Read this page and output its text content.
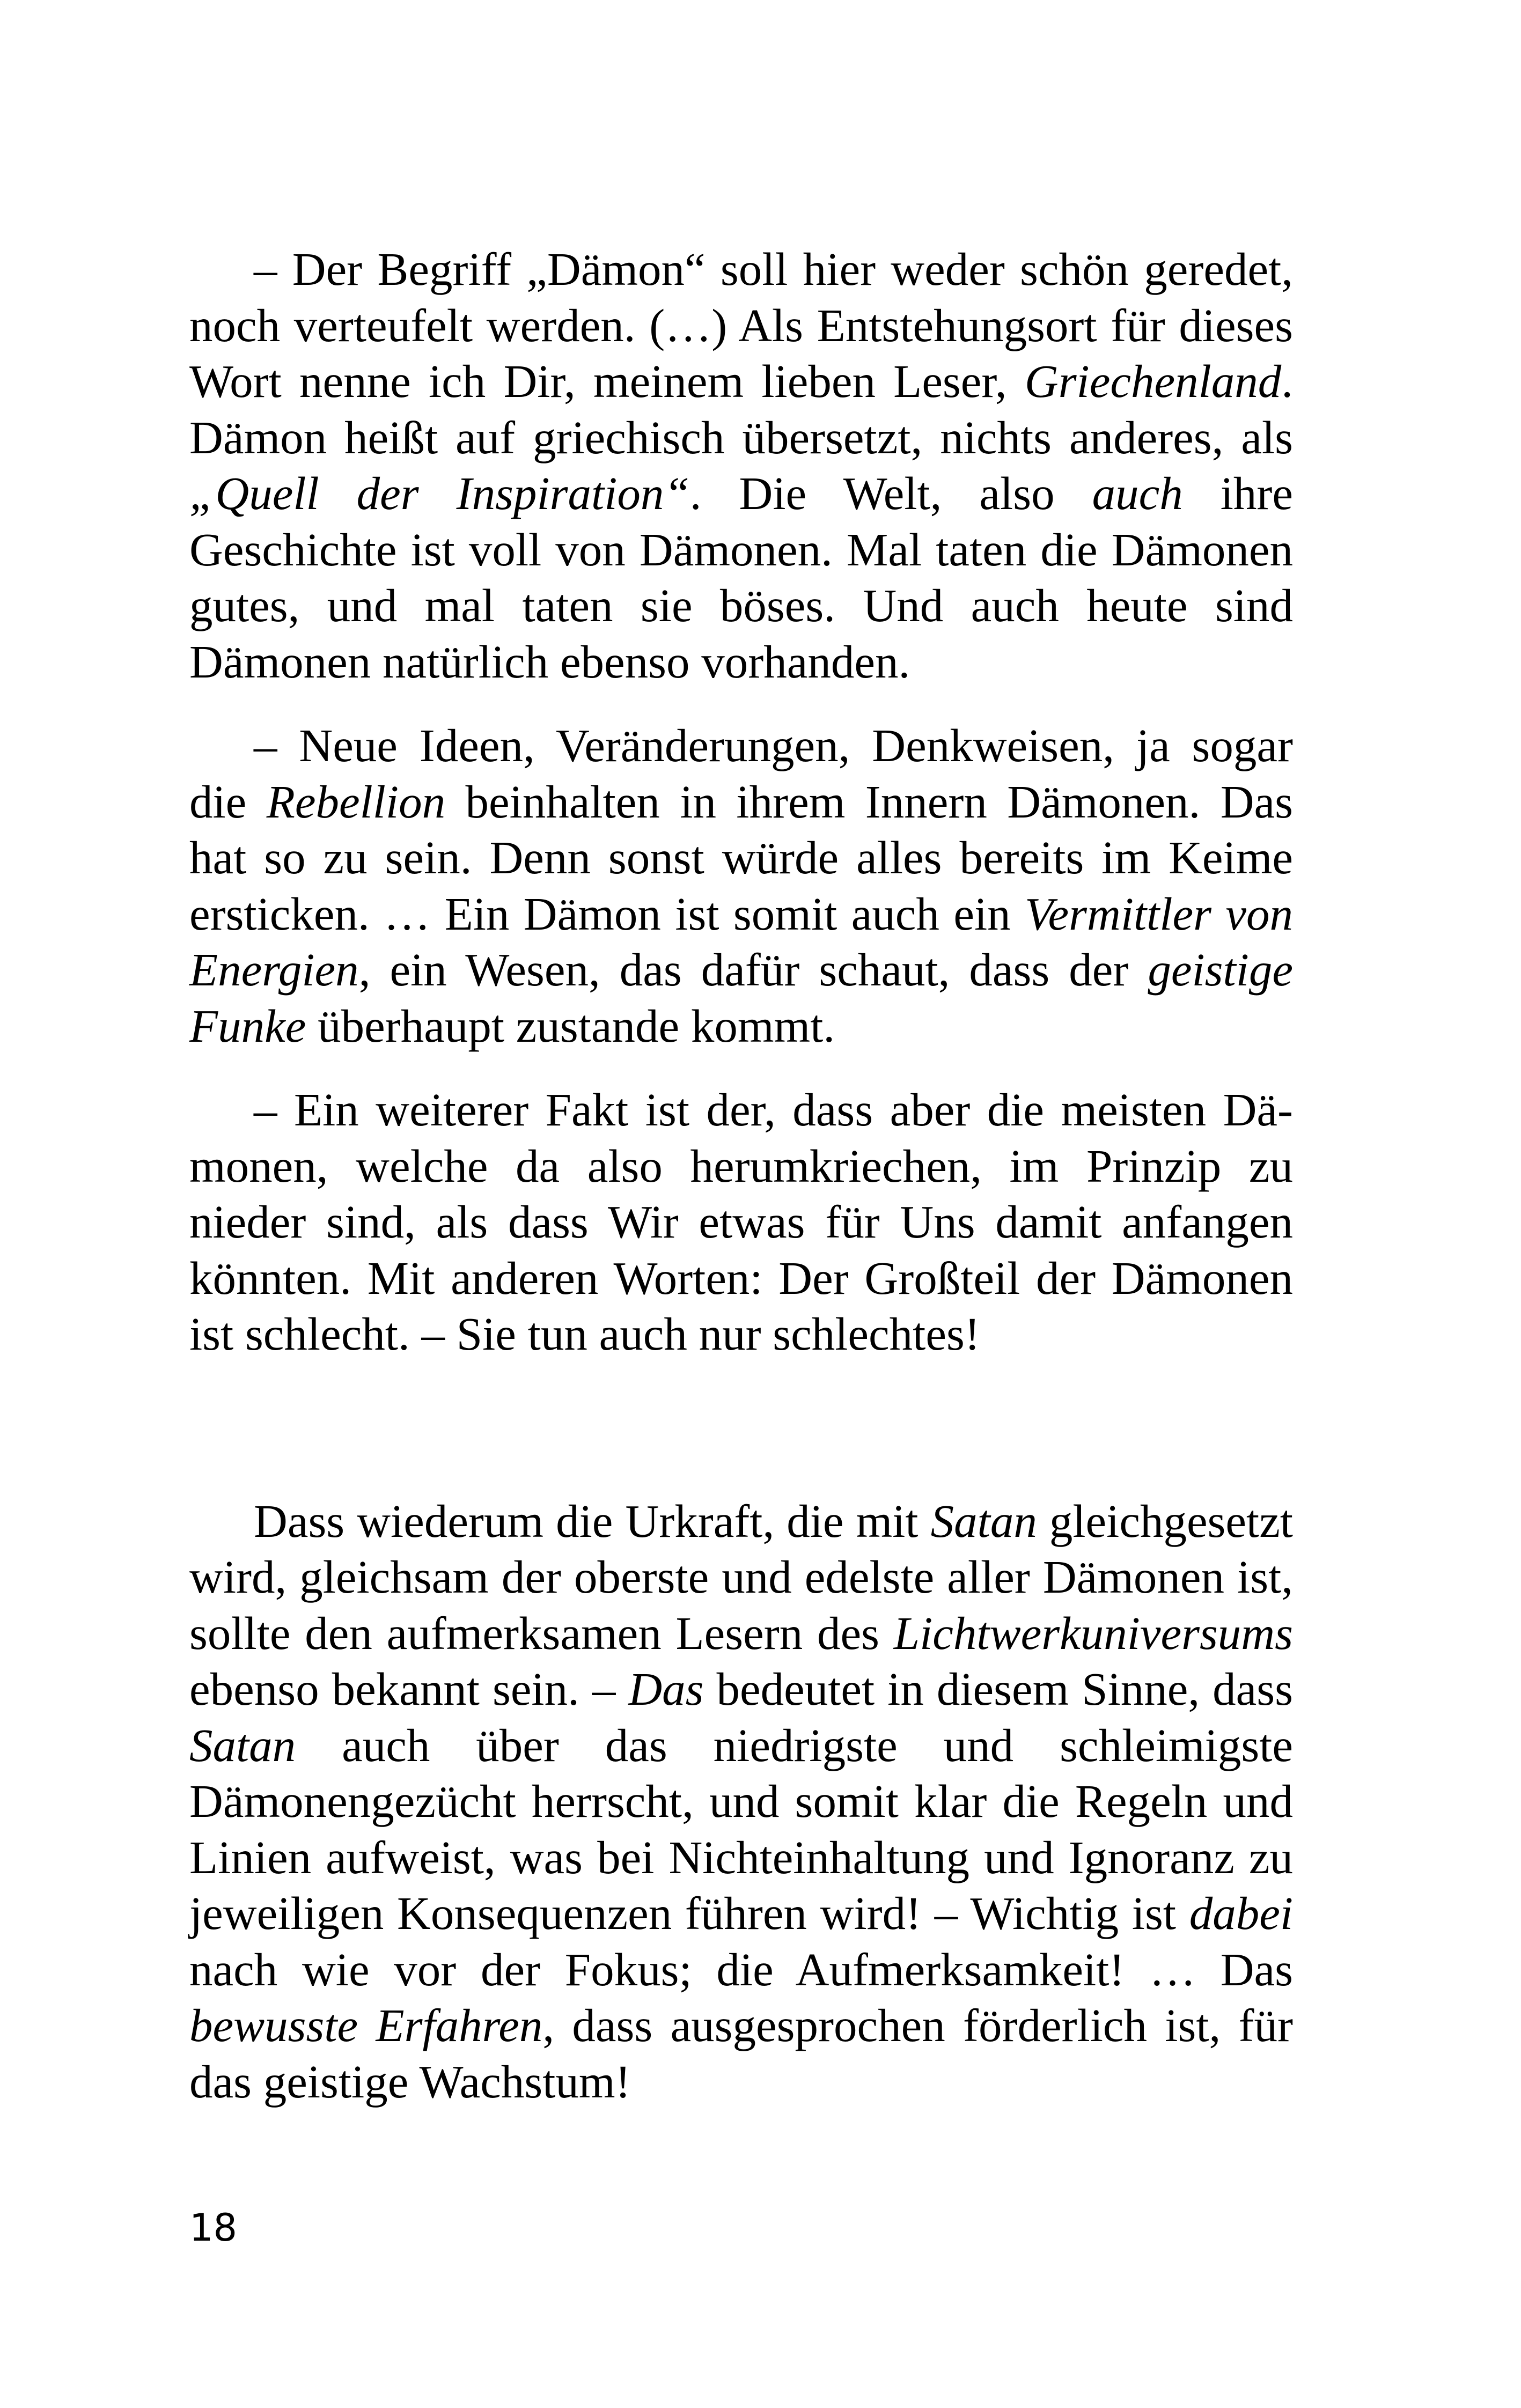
– Der Begriff „Dämon“ soll hier weder schön geredet, noch verteufelt werden. (…) Als Entstehungsort für dieses Wort nenne ich Dir, meinem lieben Leser, Griechenland. Dämon heißt auf griechisch übersetzt, nichts anderes, als „Quell der Inspiration“. Die Welt, also auch ihre Geschichte ist voll von Dämonen. Mal taten die Dämonen gutes, und mal taten sie böses. Und auch heute sind Dämonen natürlich ebenso vorhanden.

– Neue Ideen, Veränderungen, Denkweisen, ja sogar die Rebellion beinhalten in ihrem Innern Dämonen. Das hat so zu sein. Denn sonst würde alles bereits im Keime ersticken. … Ein Dämon ist somit auch ein Vermittler von Energien, ein Wesen, das dafür schaut, dass der geistige Funke überhaupt zustande kommt.

– Ein weiterer Fakt ist der, dass aber die meisten Dämonen, welche da also herumkriechen, im Prinzip zu nieder sind, als dass Wir etwas für Uns damit anfangen könnten. Mit anderen Worten: Der Großteil der Dämonen ist schlecht. – Sie tun auch nur schlechtes!

Dass wiederum die Urkraft, die mit Satan gleichgesetzt wird, gleichsam der oberste und edelste aller Dämonen ist, sollte den aufmerksamen Lesern des Lichtwerkuniversums ebenso bekannt sein. – Das bedeutet in diesem Sinne, dass Satan auch über das niedrigste und schleimigste Dämonengezücht herrscht, und somit klar die Regeln und Linien aufweist, was bei Nichteinhaltung und Ignoranz zu jeweiligen Konsequenzen führen wird! – Wichtig ist dabei nach wie vor der Fokus; die Aufmerksamkeit! … Das bewusste Erfahren, dass ausgesprochen förderlich ist, für das geistige Wachstum!

18
